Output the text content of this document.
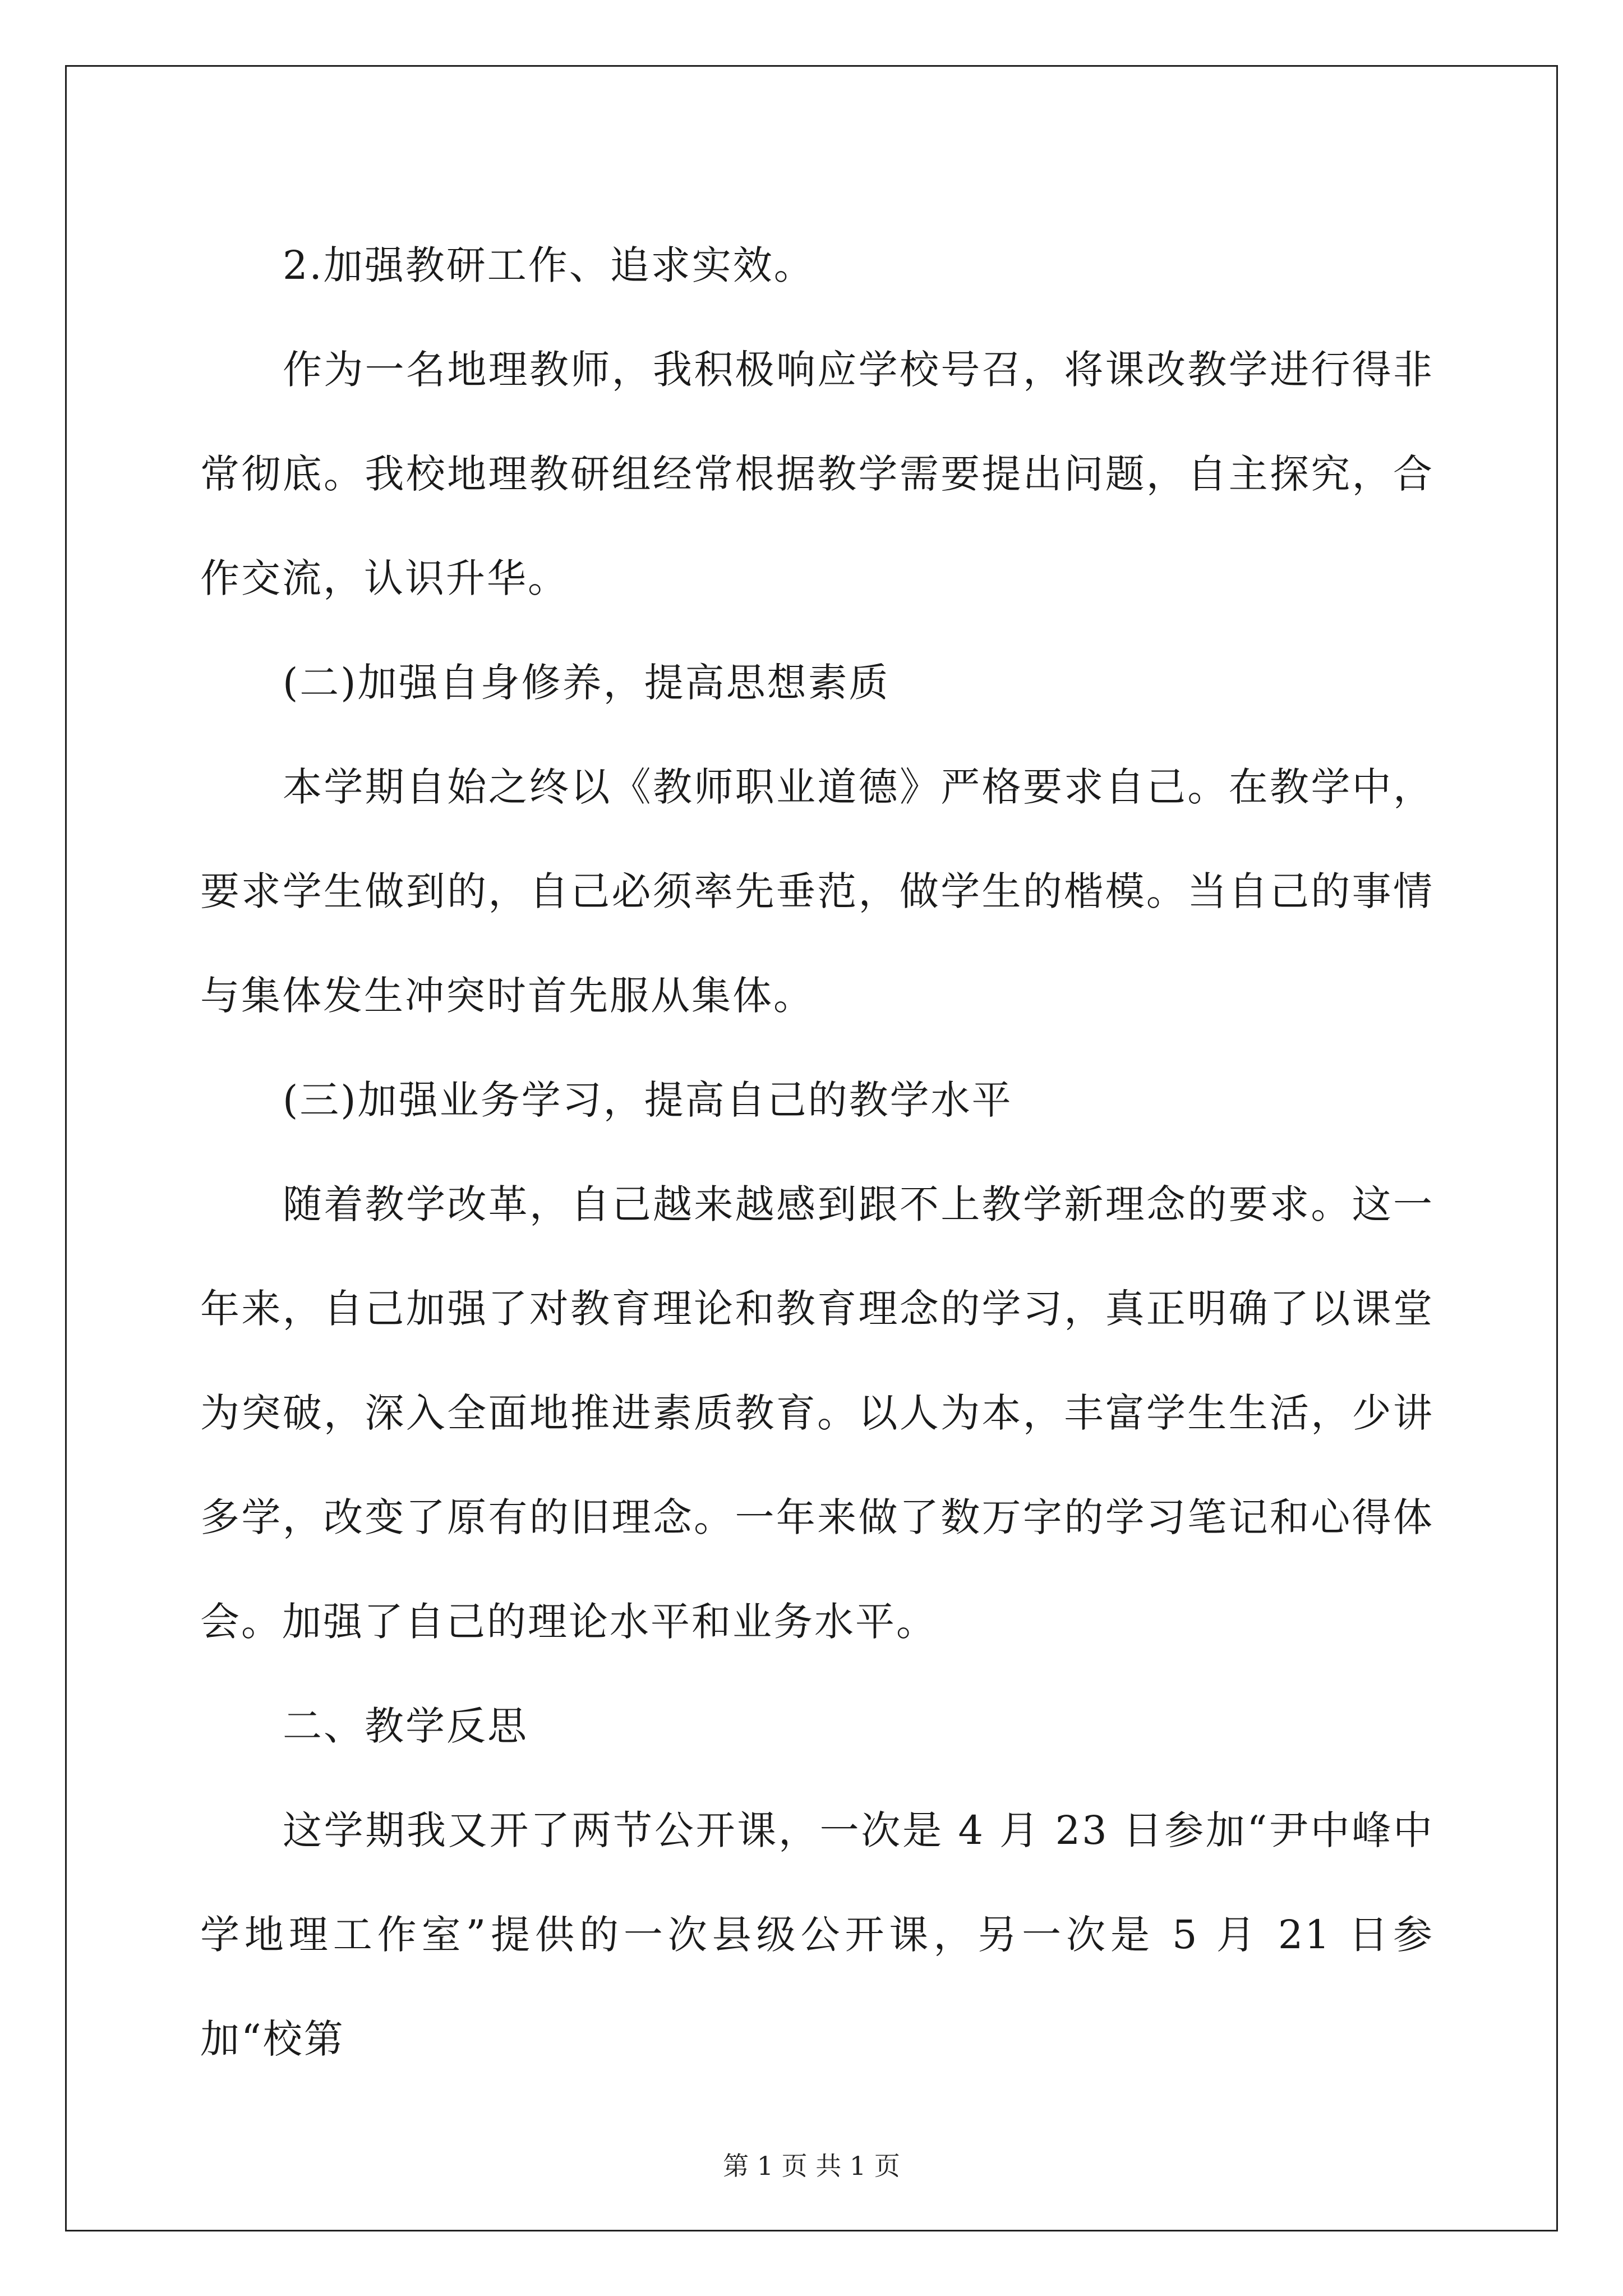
2.加强教研工作、追求实效。

作为一名地理教师，我积极响应学校号召，将课改教学进行得非常彻底。我校地理教研组经常根据教学需要提出问题，自主探究，合作交流，认识升华。

(二)加强自身修养，提高思想素质

本学期自始之终以《教师职业道德》严格要求自己。在教学中，要求学生做到的，自己必须率先垂范，做学生的楷模。当自己的事情与集体发生冲突时首先服从集体。

(三)加强业务学习，提高自己的教学水平

随着教学改革，自己越来越感到跟不上教学新理念的要求。这一年来，自己加强了对教育理论和教育理念的学习，真正明确了以课堂为突破，深入全面地推进素质教育。以人为本，丰富学生生活，少讲多学，改变了原有的旧理念。一年来做了数万字的学习笔记和心得体会。加强了自己的理论水平和业务水平。

二、教学反思

这学期我又开了两节公开课，一次是 4 月 23 日参加“尹中峰中学地理工作室”提供的一次县级公开课，另一次是 5 月 21 日参加“校第

第 1 页 共 1 页
